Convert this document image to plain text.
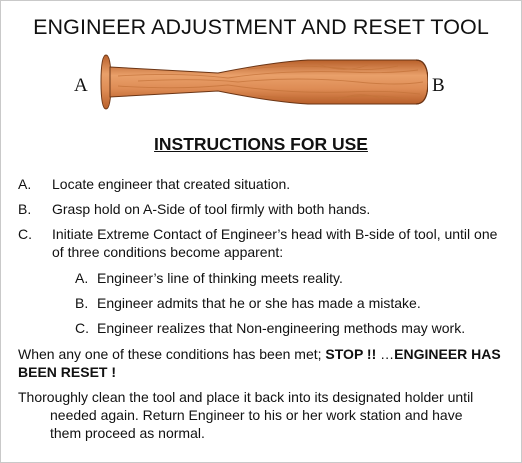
ENGINEER ADJUSTMENT AND RESET TOOL
A	B
INSTRUCTIONS FOR USE
A. Locate engineer that created situation.
B. Grasp hold on A-Side of tool firmly with both hands.
C. Initiate Extreme Contact of Engineer’s head with B-side of tool, until one
of three conditions become apparent:
A. Engineer’s line of thinking meets reality.
B. Engineer admits that he or she has made a mistake.
C. Engineer realizes that Non-engineering methods may work.
When any one of these conditions has been met; STOP !! …ENGINEER HAS
BEEN RESET !
Thoroughly clean the tool and place it back into its designated holder until
needed again. Return Engineer to his or her work station and have
them proceed as normal.
